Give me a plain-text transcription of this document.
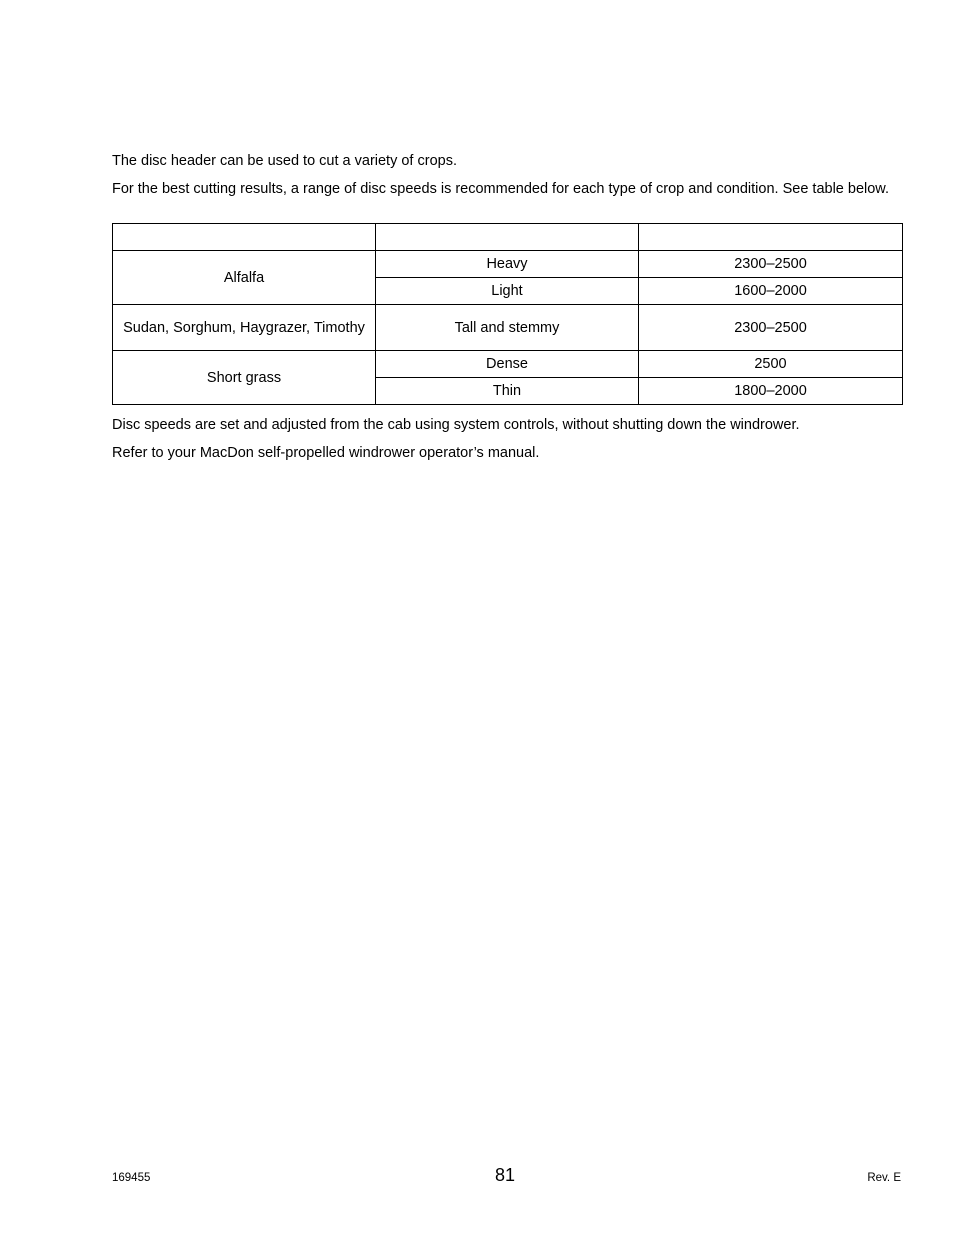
The disc header can be used to cut a variety of crops.

For the best cutting results, a range of disc speeds is recommended for each type of crop and condition. See table below.

Alfalfa	Heavy	2300–2500
	Light	1600–2000
Sudan, Sorghum, Haygrazer, Timothy	Tall and stemmy	2300–2500
Short grass	Dense	2500
	Thin	1800–2000

Disc speeds are set and adjusted from the cab using system controls, without shutting down the windrower.

Refer to your MacDon self-propelled windrower operator’s manual.

169455	81	Rev. E
